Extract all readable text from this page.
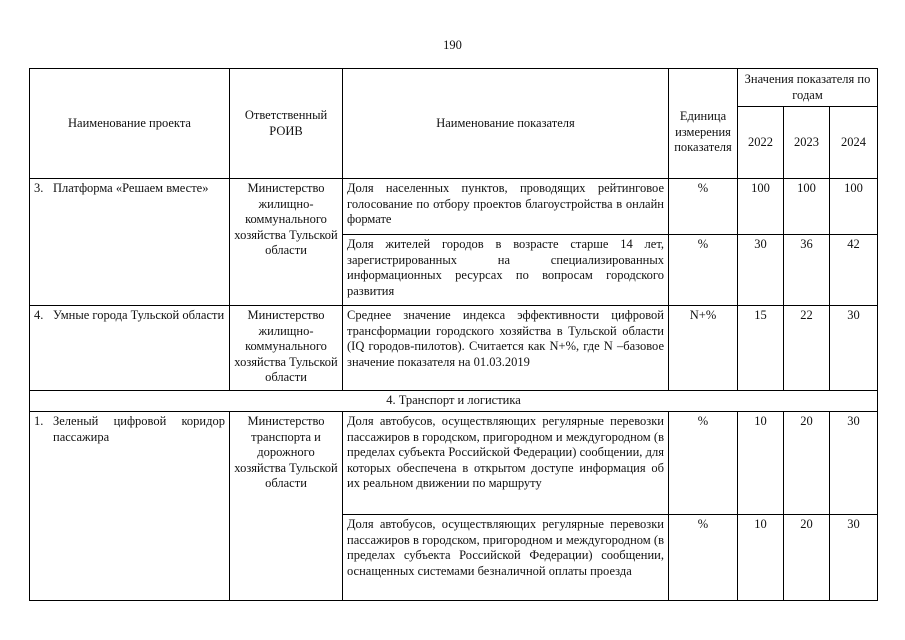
190
Наименование проекта	Ответственный РОИВ	Наименование показателя	Единица измерения показателя	Значения показателя по годам		
				2022	2023	2024

3. Платформа «Решаем вместе»	Министерство жилищно-коммунального хозяйства Тульской области	Доля населенных пунктов, проводящих рейтинговое голосование по отбору проектов благоустройства в онлайн формате	%	100	100	100
		Доля жителей городов в возрасте старше 14 лет, зарегистрированных на специализированных информационных ресурсах по вопросам городского развития	%	30	36	42

4. Умные города Тульской области	Министерство жилищно-коммунального хозяйства Тульской области	Среднее значение индекса эффективности цифровой трансформации городского хозяйства в Тульской области (IQ городов-пилотов). Считается как N+%, где N –базовое значение показателя на 01.03.2019	N+%	15	22	30
4. Транспорт и логистика						

1. Зеленый цифровой коридор пассажира	Министерство транспорта и дорожного хозяйства Тульской области	Доля автобусов, осуществляющих регулярные перевозки пассажиров в городском, пригородном и междугородном (в пределах субъекта Российской Федерации) сообщении, для которых обеспечена в открытом доступе информация об их реальном движении по маршруту	%	10	20	30
		Доля автобусов, осуществляющих регулярные перевозки пассажиров в городском, пригородном и междугородном (в пределах субъекта Российской Федерации) сообщении, оснащенных системами безналичной оплаты проезда	%	10	20	30
